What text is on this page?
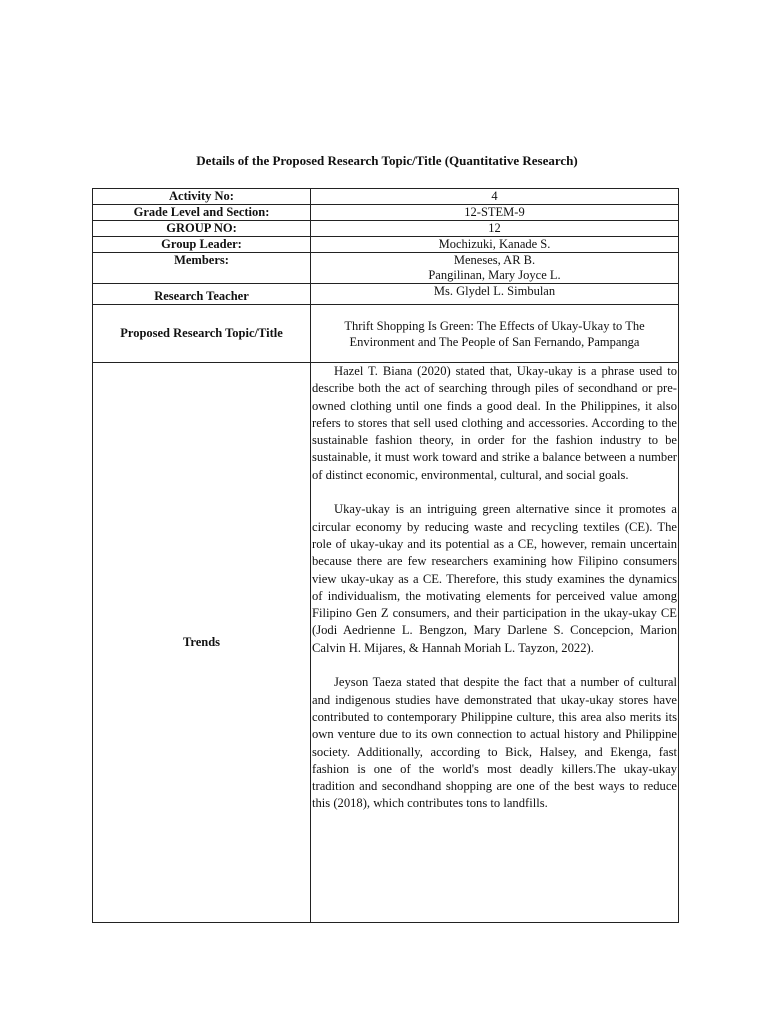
Details of the Proposed Research Topic/Title (Quantitative Research)
Activity No:	4
Grade Level and Section:	12-STEM-9
GROUP NO:	12
Group Leader:	Mochizuki, Kanade S.
Members:	Meneses, AR B.
Pangilinan, Mary Joyce L.

Research Teacher	Ms. Glydel L. Simbulan
Proposed Research Topic/Title	Thrift Shopping Is Green: The Effects of Ukay-Ukay to The Environment and The People of San Fernando, Pampanga
Trends	Hazel T. Biana (2020) stated that, Ukay-ukay is a phrase used to describe both the act of searching through piles of secondhand or pre-owned clothing until one finds a good deal. In the Philippines, it also refers to stores that sell used clothing and accessories. According to the sustainable fashion theory, in order for the fashion industry to be sustainable, it must work toward and strike a balance between a number of distinct economic, environmental, cultural, and social goals.

Ukay-ukay is an intriguing green alternative since it promotes a circular economy by reducing waste and recycling textiles (CE). The role of ukay-ukay and its potential as a CE, however, remain uncertain because there are few researchers examining how Filipino consumers view ukay-ukay as a CE. Therefore, this study examines the dynamics of individualism, the motivating elements for perceived value among Filipino Gen Z consumers, and their participation in the ukay-ukay CE (Jodi Aedrienne L. Bengzon, Mary Darlene S. Concepcion, Marion Calvin H. Mijares, & Hannah Moriah L. Tayzon, 2022).

Jeyson Taeza stated that despite the fact that a number of cultural and indigenous studies have demonstrated that ukay-ukay stores have contributed to contemporary Philippine culture, this area also merits its own venture due to its own connection to actual history and Philippine society. Additionally, according to Bick, Halsey, and Ekenga, fast fashion is one of the world's most deadly killers.The ukay-ukay tradition and secondhand shopping are one of the best ways to reduce this (2018), which contributes tons to landfills.
